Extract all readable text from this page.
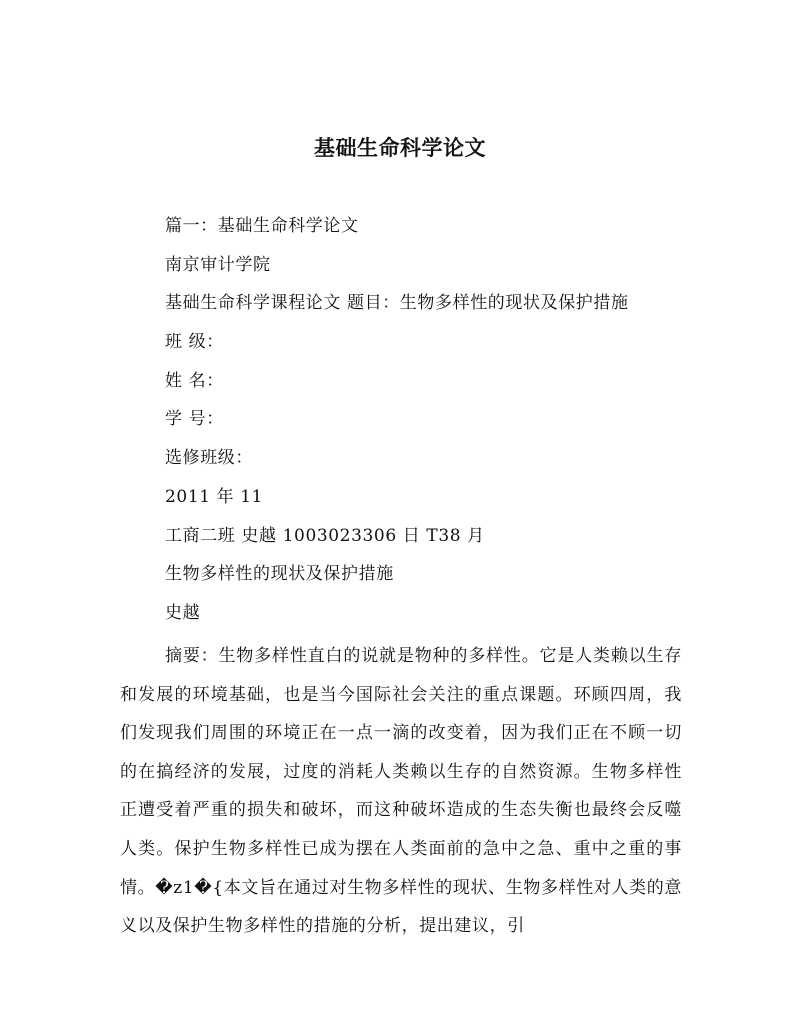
基础生命科学论文
篇一：基础生命科学论文
南京审计学院
基础生命科学课程论文 题目：生物多样性的现状及保护措施
班 级：
姓 名：
学 号：
选修班级：
2011 年 11
工商二班 史越 1003023306 日 T38 月
生物多样性的现状及保护措施
史越

摘要：生物多样性直白的说就是物种的多样性。它是人类赖以生存和发展的环境基础，也是当今国际社会关注的重点课题。环顾四周，我们发现我们周围的环境正在一点一滴的改变着，因为我们正在不顾一切的在搞经济的发展，过度的消耗人类赖以生存的自然资源。生物多样性正遭受着严重的损失和破坏，而这种破坏造成的生态失衡也最终会反噬人类。保护生物多样性已成为摆在人类面前的急中之急、重中之重的事情。�z1�{本文旨在通过对生物多样性的现状、生物多样性对人类的意义以及保护生物多样性的措施的分析，提出建议，引
